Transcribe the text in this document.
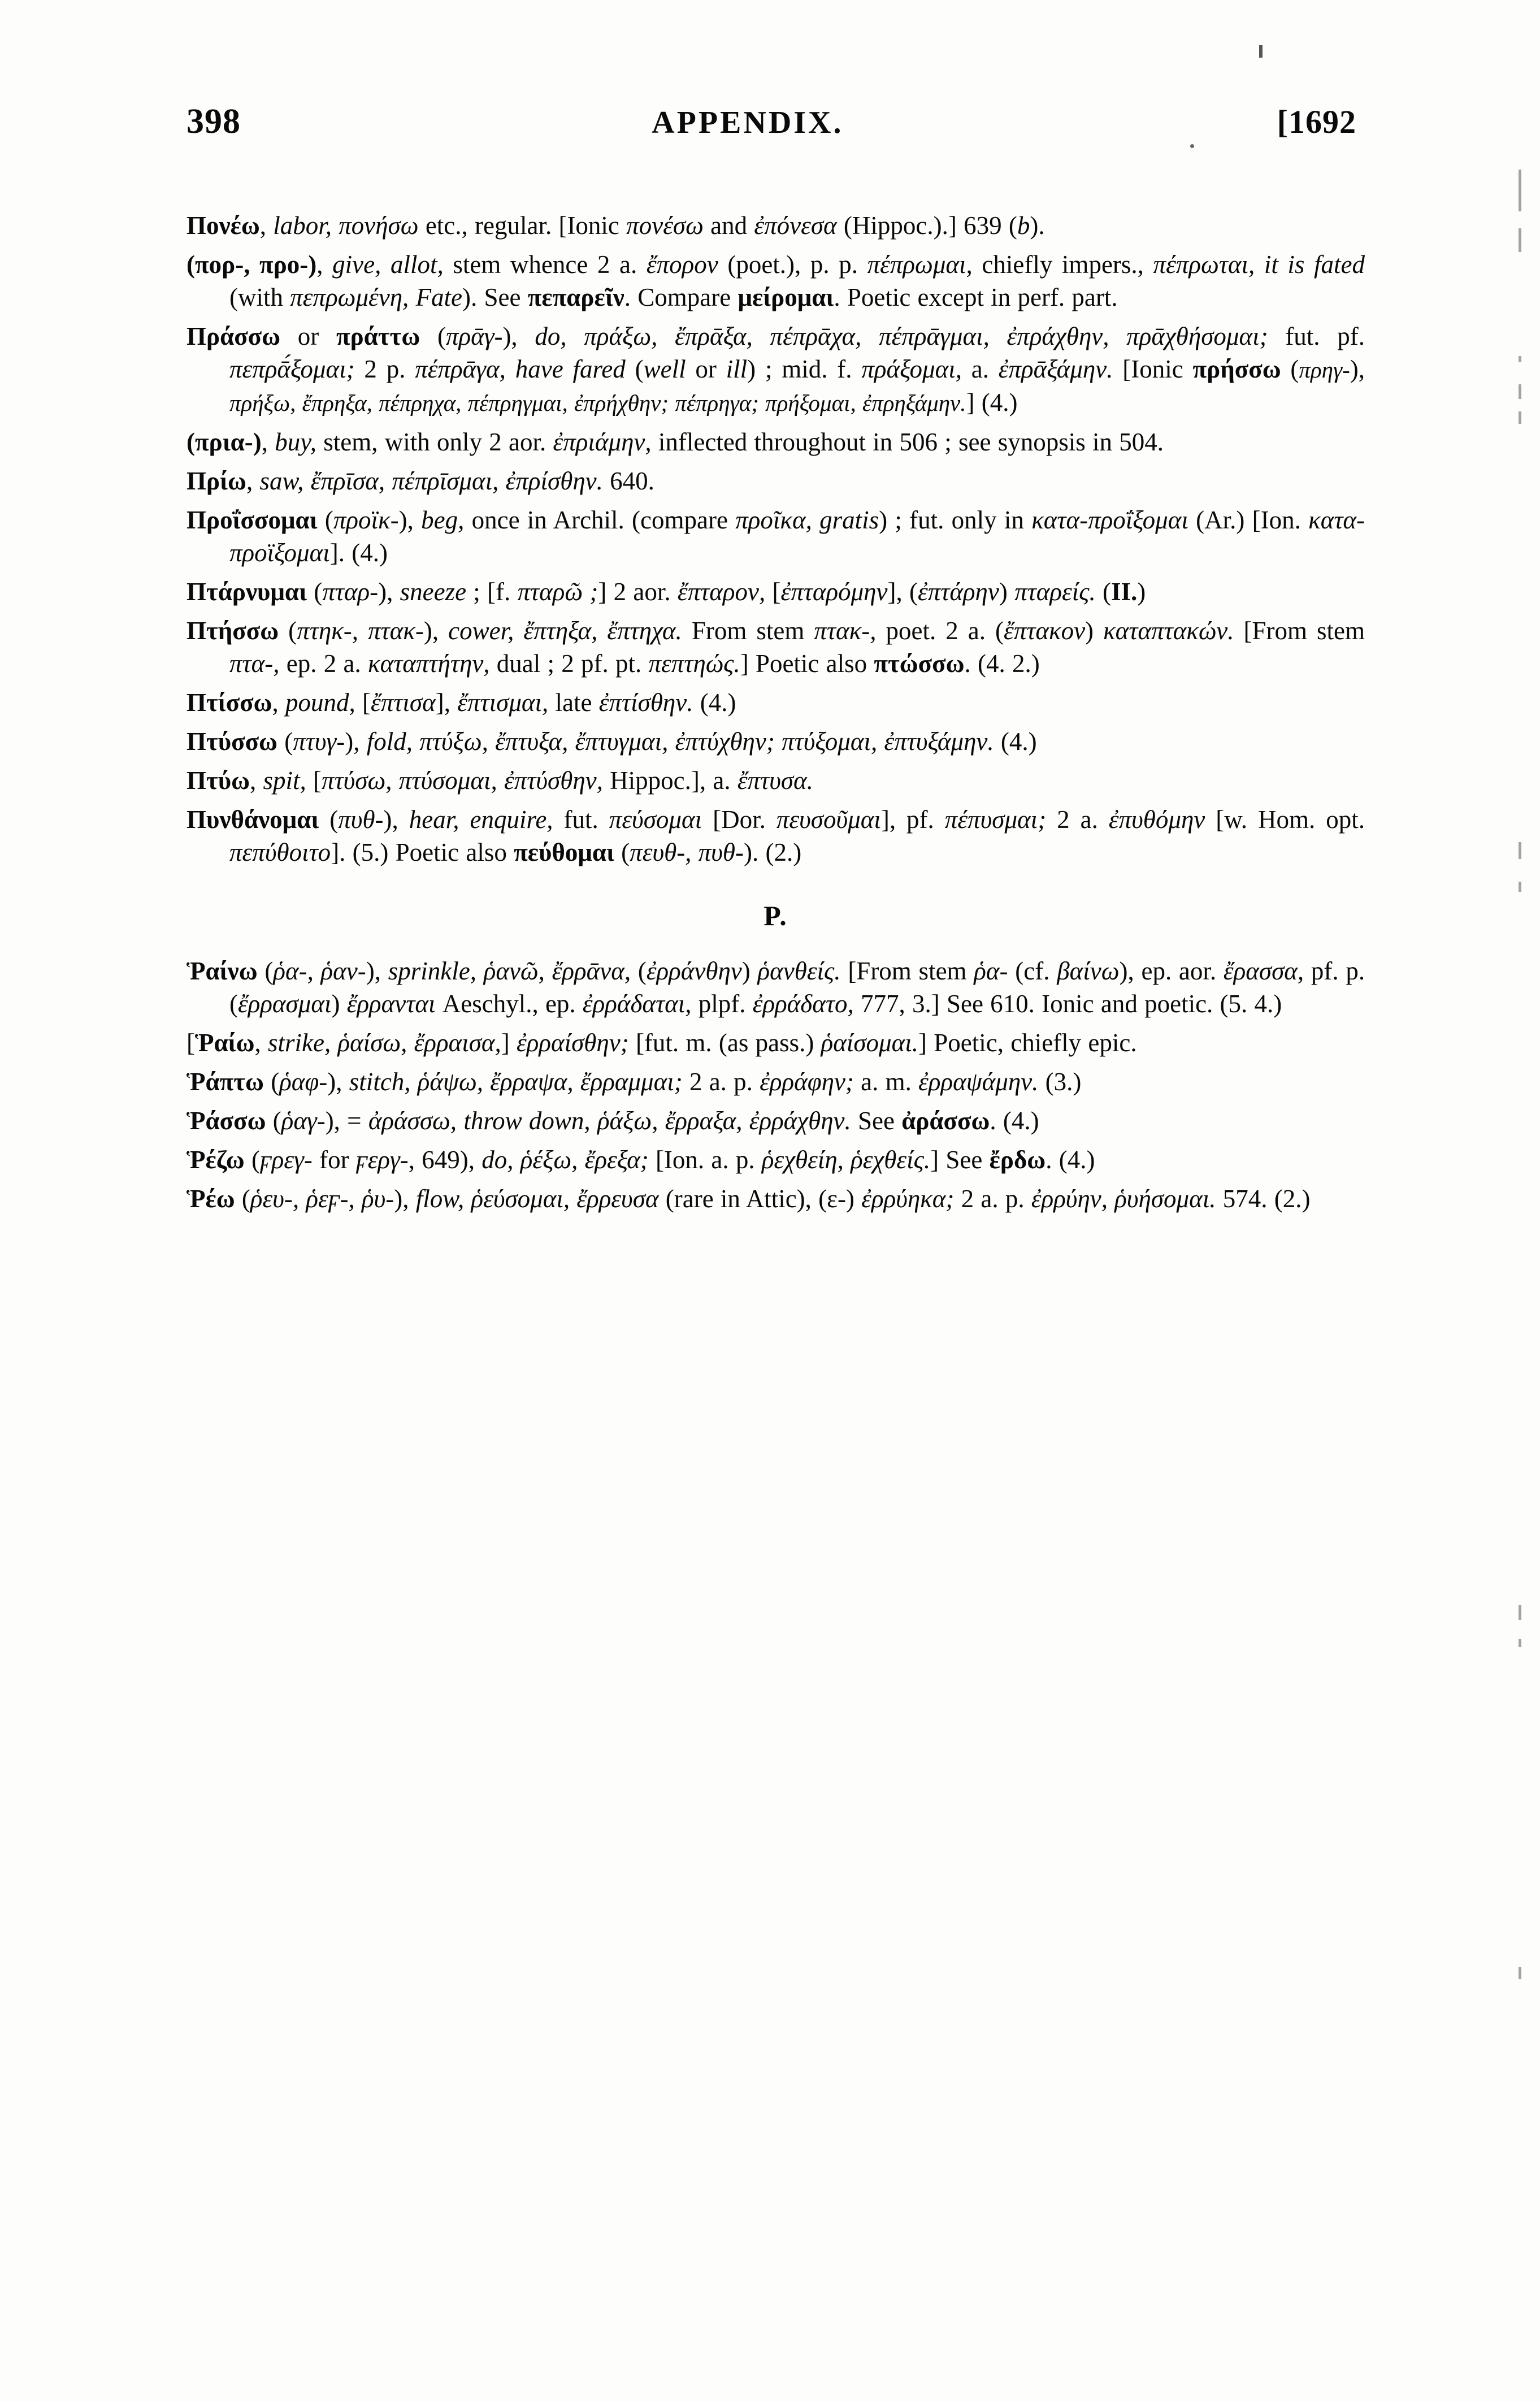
398	APPENDIX.	[1692

Πονέω, labor, πονήσω etc., regular. [Ionic πονέσω and ἐπόνεσα (Hippoc.).] 639 (b).

(πορ-, προ-), give, allot, stem whence 2 a. ἔπορον (poet.), p. p. πέπρωμαι, chiefly impers., πέπρωται, it is fated (with πεπρωμένη, Fate). See πεπαρεῖν. Compare μείρομαι. Poetic except in perf. part.

Πράσσω or πράττω (πρᾱγ-), do, πράξω, ἔπρᾱξα, πέπρᾱχα, πέπρᾱγμαι, ἐπράχθην, πρᾱχθήσομαι; fut. pf. πεπρᾱ́ξομαι; 2 p. πέπρᾱγα, have fared (well or ill) ; mid. f. πράξομαι, a. ἐπρᾱξάμην. [Ionic πρήσσω (πρηγ-), πρήξω, ἔπρηξα, πέπρηχα, πέπρηγμαι, ἐπρήχθην; πέπρηγα; πρήξομαι, ἐπρηξάμην.] (4.)

(πρια-), buy, stem, with only 2 aor. ἐπριάμην, inflected throughout in 506 ; see synopsis in 504.

Πρίω, saw, ἔπρῑσα, πέπρῑσμαι, ἐπρίσθην. 640.

Προΐσσομαι (προϊκ-), beg, once in Archil. (compare προῖκα, gratis) ; fut. only in κατα-προΐξομαι (Ar.) [Ion. κατα-προϊξομαι]. (4.)

Πτάρνυμαι (πταρ-), sneeze ; [f. πταρῶ ;] 2 aor. ἔπταρον, [ἐπταρόμην], (ἐπτάρην) πταρείς. (II.)

Πτήσσω (πτηκ-, πτακ-), cower, ἔπτηξα, ἔπτηχα. From stem πτακ-, poet. 2 a. (ἔπτακον) καταπτακών. [From stem πτα-, ep. 2 a. καταπτήτην, dual ; 2 pf. pt. πεπτηώς.] Poetic also πτώσσω. (4. 2.)

Πτίσσω, pound, [ἔπτισα], ἔπτισμαι, late ἐπτίσθην. (4.)

Πτύσσω (πτυγ-), fold, πτύξω, ἔπτυξα, ἔπτυγμαι, ἐπτύχθην; πτύξομαι, ἐπτυξάμην. (4.)

Πτύω, spit, [πτύσω, πτύσομαι, ἐπτύσθην, Hippoc.], a. ἔπτυσα.

Πυνθάνομαι (πυθ-), hear, enquire, fut. πεύσομαι [Dor. πευσοῦμαι], pf. πέπυσμαι; 2 a. ἐπυθόμην [w. Hom. opt. πεπύθοιτο]. (5.) Poetic also πεύθομαι (πευθ-, πυθ-). (2.)

P.

Ῥαίνω (ῥα-, ῥαν-), sprinkle, ῥανῶ, ἔρρᾱνα, (ἐρράνθην) ῥανθείς. [From stem ῥα- (cf. βαίνω), ep. aor. ἔρασσα, pf. p. (ἔρρασμαι) ἔρρανται Aeschyl., ep. ἐρράδαται, plpf. ἐρράδατο, 777, 3.] See 610. Ionic and poetic. (5. 4.)

[Ῥαίω, strike, ῥαίσω, ἔρραισα,] ἐρραίσθην; [fut. m. (as pass.) ῥαίσομαι.] Poetic, chiefly epic.

Ῥάπτω (ῥαφ-), stitch, ῥάψω, ἔρραψα, ἔρραμμαι; 2 a. p. ἐρράφην; a. m. ἐρραψάμην. (3.)

Ῥάσσω (ῥαγ-), = ἀράσσω, throw down, ῥάξω, ἔρραξα, ἐρράχθην. See ἀράσσω. (4.)

Ῥέζω (ϝρεγ- for ϝεργ-, 649), do, ῥέξω, ἔρεξα; [Ion. a. p. ῥεχθείη, ῥεχθείς.] See ἔρδω. (4.)

Ῥέω (ῥευ-, ῥεϝ-, ῥυ-), flow, ῥεύσομαι, ἔρρευσα (rare in Attic), (ε-) ἐρρύηκα; 2 a. p. ἐρρύην, ῥυήσομαι. 574. (2.)
